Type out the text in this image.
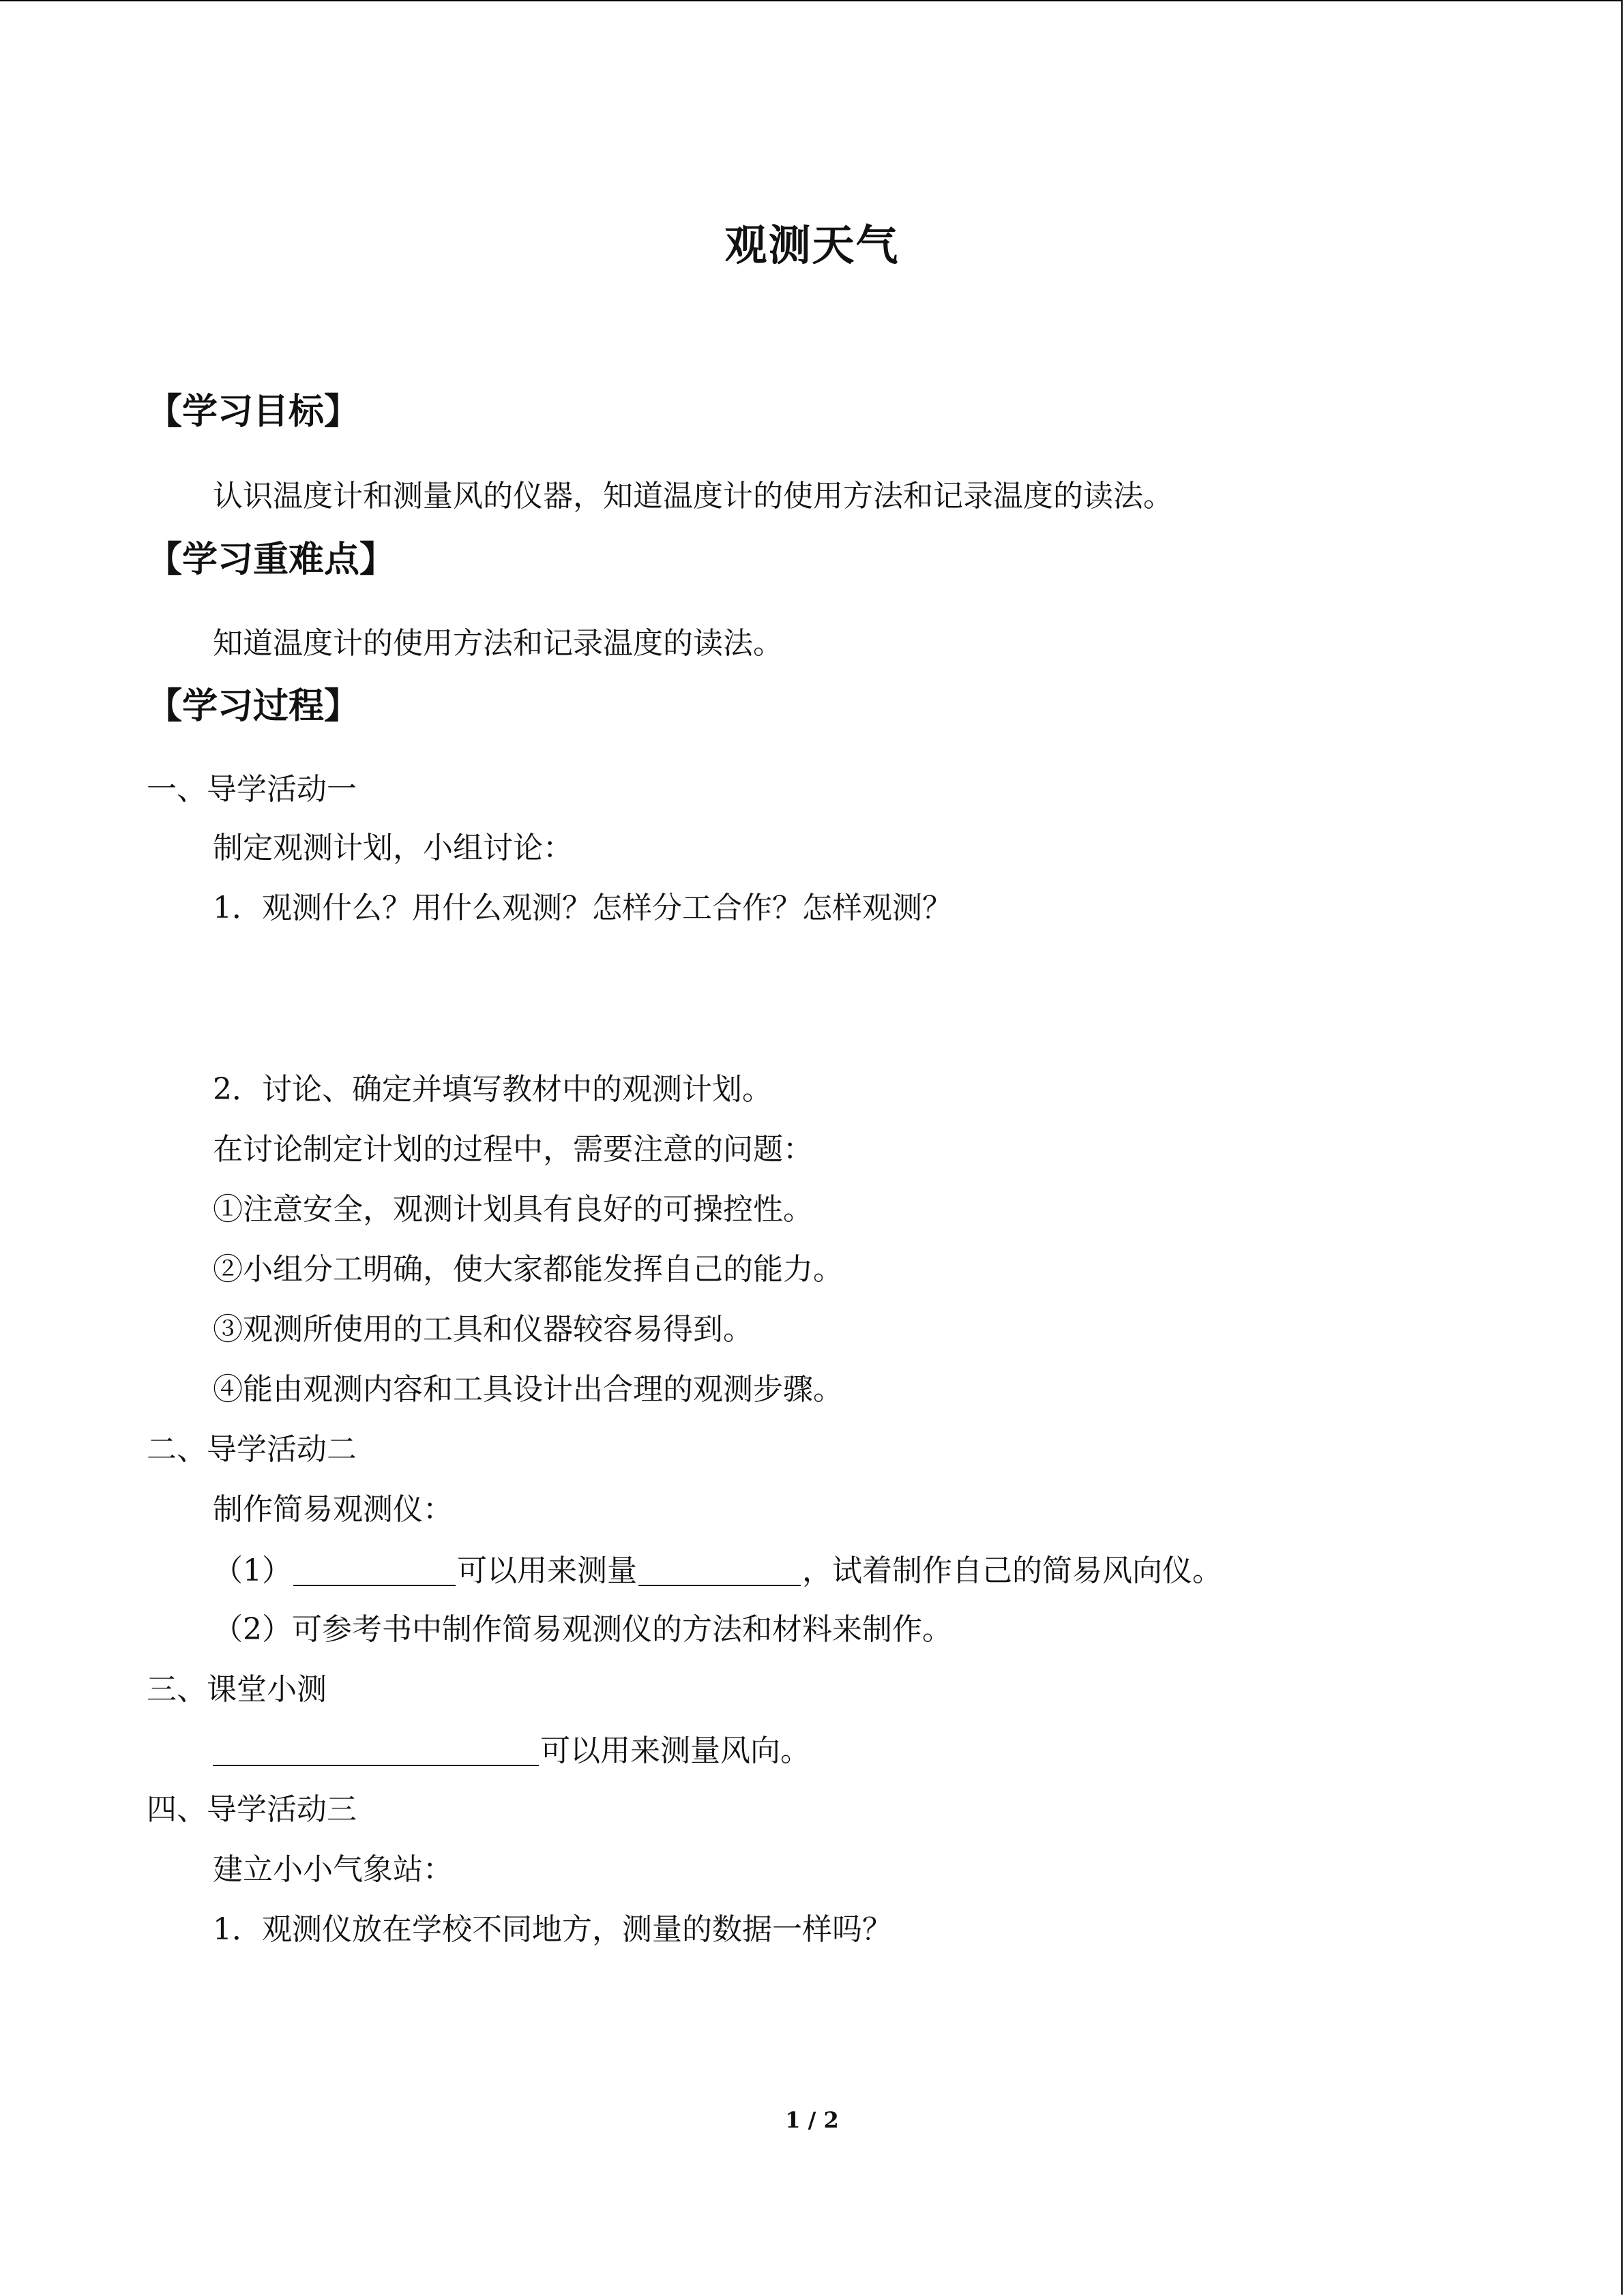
观测天气
【学习目标】
认识温度计和测量风的仪器，知道温度计的使用方法和记录温度的读法。
【学习重难点】
知道温度计的使用方法和记录温度的读法。
【学习过程】
一、导学活动一
制定观测计划，小组讨论：
1．观测什么？用什么观测？怎样分工合作？怎样观测？
2．讨论、确定并填写教材中的观测计划。
在讨论制定计划的过程中，需要注意的问题：
①注意安全，观测计划具有良好的可操控性。
②小组分工明确，使大家都能发挥自己的能力。
③观测所使用的工具和仪器较容易得到。
④能由观测内容和工具设计出合理的观测步骤。
二、导学活动二
制作简易观测仪：
（1）	可以用来测量	，试着制作自己的简易风向仪。
（2）可参考书中制作简易观测仪的方法和材料来制作。
三、课堂小测
可以用来测量风向。
四、导学活动三
建立小小气象站：
1．观测仪放在学校不同地方，测量的数据一样吗？
1 / 2
